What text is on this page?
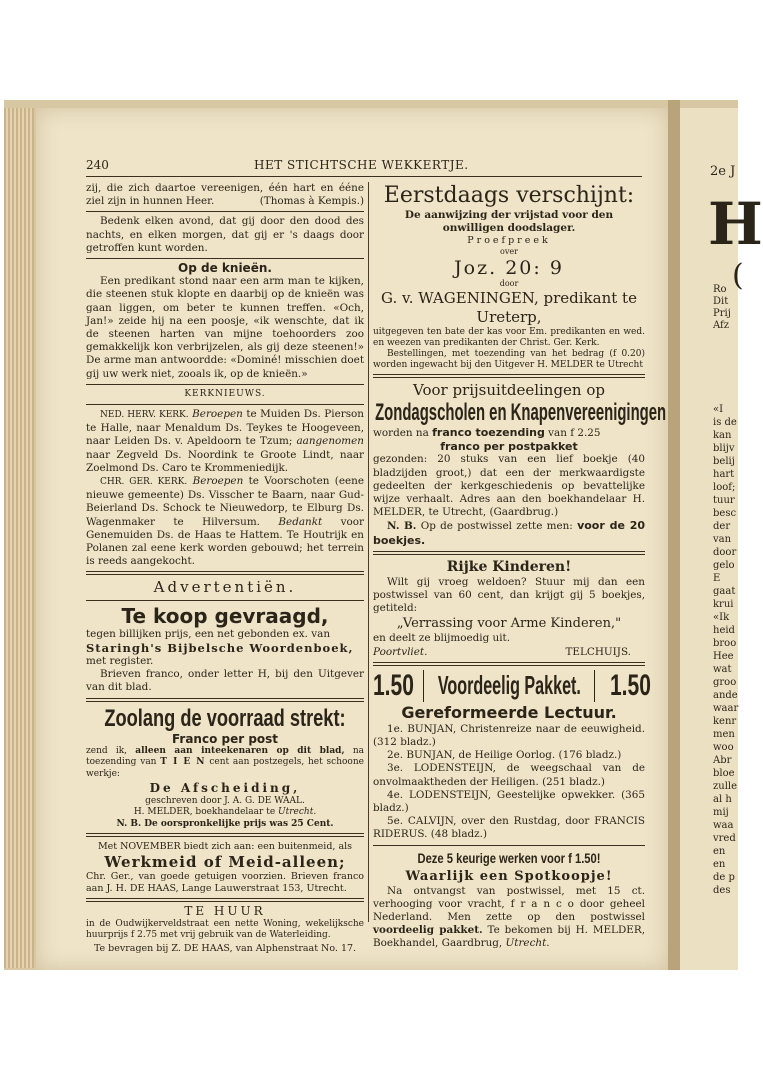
2e J
H
(
Ro
Dit
Prij
Afz
«I
is de
kan
blijv
belij
hart
loof;
tuur
besc
der
van
door
gelo
E
gaat
krui
«Ik
heid
broo
Hee
wat
groo
ande
waar
kenr
men
woo
Abr
bloe
zulle
al h
mij
waa
vred
en
en
de p
des
240	HET STICHTSCHE WEKKERTJE.

zij, die zich daartoe vereenigen, één hart en ééne ziel zijn in hunnen Heer.	(Thomas à Kempis.)

Bedenk elken avond, dat gij door den dood des nachts, en elken morgen, dat gij er 's daags door getroffen kunt worden.

Op de knieën.

Een predikant stond naar een arm man te kijken, die steenen stuk klopte en daarbij op de knieën was gaan liggen, om beter te kunnen treffen. «Och, Jan!» zeide hij na een poosje, «ik wenschte, dat ik de steenen harten van mijne toehoorders zoo gemakkelijk kon verbrijzelen, als gij deze steenen!» De arme man antwoordde: «Dominé! misschien doet gij uw werk niet, zooals ik, op de knieën.»

KERKNIEUWS.

NED. HERV. KERK. Beroepen te Muiden Ds. Pierson te Halle, naar Menaldum Ds. Teykes te Hoogeveen, naar Leiden Ds. v. Apeldoorn te Tzum; aangenomen naar Zegveld Ds. Noordink te Groote Lindt, naar Zoelmond Ds. Caro te Krommeniedijk.

CHR. GER. KERK. Beroepen te Voorschoten (eene nieuwe gemeente) Ds. Visscher te Baarn, naar Gud-Beierland Ds. Schock te Nieuwedorp, te Elburg Ds. Wagenmaker te Hilversum. Bedankt voor Genemuiden Ds. de Haas te Hattem. Te Houtrijk en Polanen zal eene kerk worden gebouwd; het terrein is reeds aangekocht.

Advertentiën.

Te koop gevraagd,

tegen billijken prijs, een net gebonden ex. van

Staringh's Bijbelsche Woordenboek,

met register.

Brieven franco, onder letter H, bij den Uitgever van dit blad.

Zoolang de voorraad strekt:

Franco per post

zend ik, alleen aan inteekenaren op dit blad, na toezending van T I E N cent aan postzegels, het schoone werkje:

De Afscheiding,

geschreven door J. A. G. DE WAAL.

H. MELDER, boekhandelaar te Utrecht.

N. B. De oorspronkelijke prijs was 25 Cent.

Met NOVEMBER biedt zich aan: een buitenmeid, als

Werkmeid of Meid-alleen;

Chr. Ger., van goede getuigen voorzien. Brieven franco aan J. H. DE HAAS, Lange Lauwerstraat 153, Utrecht.

TE HUUR

in de Oudwijkerveldstraat een nette Woning, wekelijksche huurprijs f 2.75 met vrij gebruik van de Waterleiding.

Te bevragen bij Z. DE HAAS, van Alphenstraat No. 17.

Eerstdaags verschijnt:

De aanwijzing der vrijstad voor den onwilligen doodslager.

Proefpreek

over

Joz. 20: 9

door

G. v. WAGENINGEN, predikant te Ureterp,

uitgegeven ten bate der kas voor Em. predikanten en wed. en weezen van predikanten der Christ. Ger. Kerk.

Bestellingen, met toezending van het bedrag (f 0.20) worden ingewacht bij den Uitgever H. MELDER te Utrecht

Voor prijsuitdeelingen op

Zondagscholen en Knapenvereenigingen

worden na franco toezending van f 2.25

franco per postpakket

gezonden: 20 stuks van een lief boekje (40 bladzijden groot,) dat een der merkwaardigste gedeelten der kerkgeschiedenis op bevattelijke wijze verhaalt. Adres aan den boekhandelaar H. MELDER, te Utrecht, (Gaardbrug.)

N. B. Op de postwissel zette men: voor de 20 boekjes.

Rijke Kinderen!

Wilt gij vroeg weldoen? Stuur mij dan een postwissel van 60 cent, dan krijgt gij 5 boekjes, getiteld:

„Verrassing voor Arme Kinderen,"

en deelt ze blijmoedig uit.

Poortvliet.	TELCHUIJS.

1.50 Voordeelig Pakket. 1.50

Gereformeerde Lectuur.

1e. BUNJAN, Christenreize naar de eeuwigheid. (312 bladz.)

2e. BUNJAN, de Heilige Oorlog. (176 bladz.)

3e. LODENSTEIJN, de weegschaal van de onvolmaaktheden der Heiligen. (251 bladz.)

4e. LODENSTEIJN, Geestelijke opwekker. (365 bladz.)

5e. CALVIJN, over den Rustdag, door FRANCIS RIDERUS. (48 bladz.)

Deze 5 keurige werken voor f 1.50!

Waarlijk een Spotkoopje!

Na ontvangst van postwissel, met 15 ct. verhooging voor vracht, f r a n c o door geheel Nederland. Men zette op den postwissel voordeelig pakket. Te bekomen bij H. MELDER, Boekhandel, Gaardbrug, Utrecht.
